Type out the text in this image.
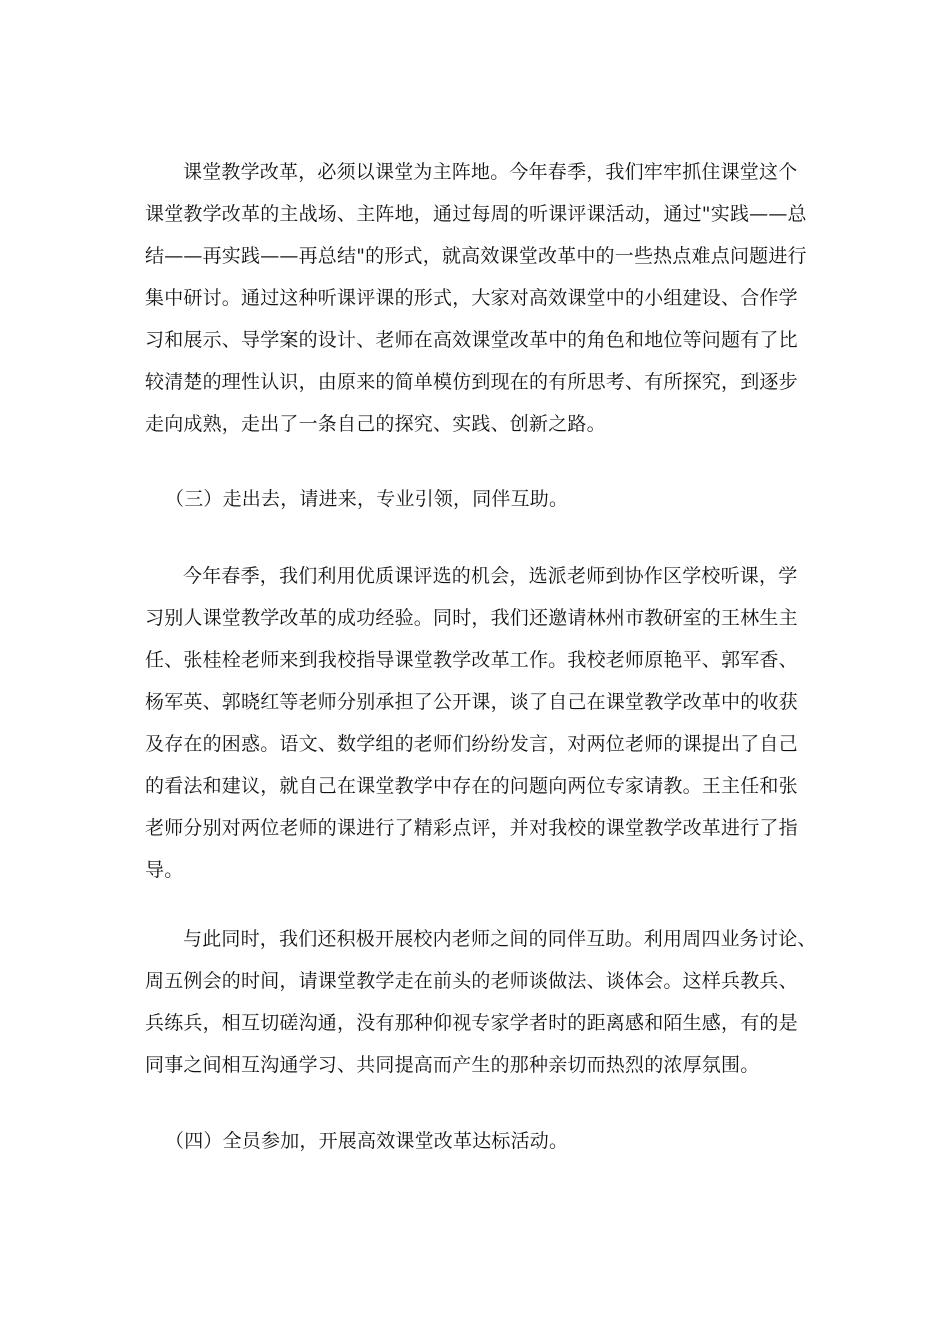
课堂教学改革，必须以课堂为主阵地。今年春季，我们牢牢抓住课堂这个
课堂教学改革的主战场、主阵地，通过每周的听课评课活动，通过"实践——总
结——再实践——再总结"的形式，就高效课堂改革中的一些热点难点问题进行
集中研讨。通过这种听课评课的形式，大家对高效课堂中的小组建设、合作学
习和展示、导学案的设计、老师在高效课堂改革中的角色和地位等问题有了比
较清楚的理性认识，由原来的简单模仿到现在的有所思考、有所探究，到逐步
走向成熟，走出了一条自己的探究、实践、创新之路。
（三）走出去，请进来，专业引领，同伴互助。
今年春季，我们利用优质课评选的机会，选派老师到协作区学校听课，学
习别人课堂教学改革的成功经验。同时，我们还邀请林州市教研室的王林生主
任、张桂栓老师来到我校指导课堂教学改革工作。我校老师原艳平、郭军香、
杨军英、郭晓红等老师分别承担了公开课，谈了自己在课堂教学改革中的收获
及存在的困惑。语文、数学组的老师们纷纷发言，对两位老师的课提出了自己
的看法和建议，就自己在课堂教学中存在的问题向两位专家请教。王主任和张
老师分别对两位老师的课进行了精彩点评，并对我校的课堂教学改革进行了指
导。
与此同时，我们还积极开展校内老师之间的同伴互助。利用周四业务讨论、
周五例会的时间，请课堂教学走在前头的老师谈做法、谈体会。这样兵教兵、
兵练兵，相互切磋沟通，没有那种仰视专家学者时的距离感和陌生感，有的是
同事之间相互沟通学习、共同提高而产生的那种亲切而热烈的浓厚氛围。
（四）全员参加，开展高效课堂改革达标活动。
